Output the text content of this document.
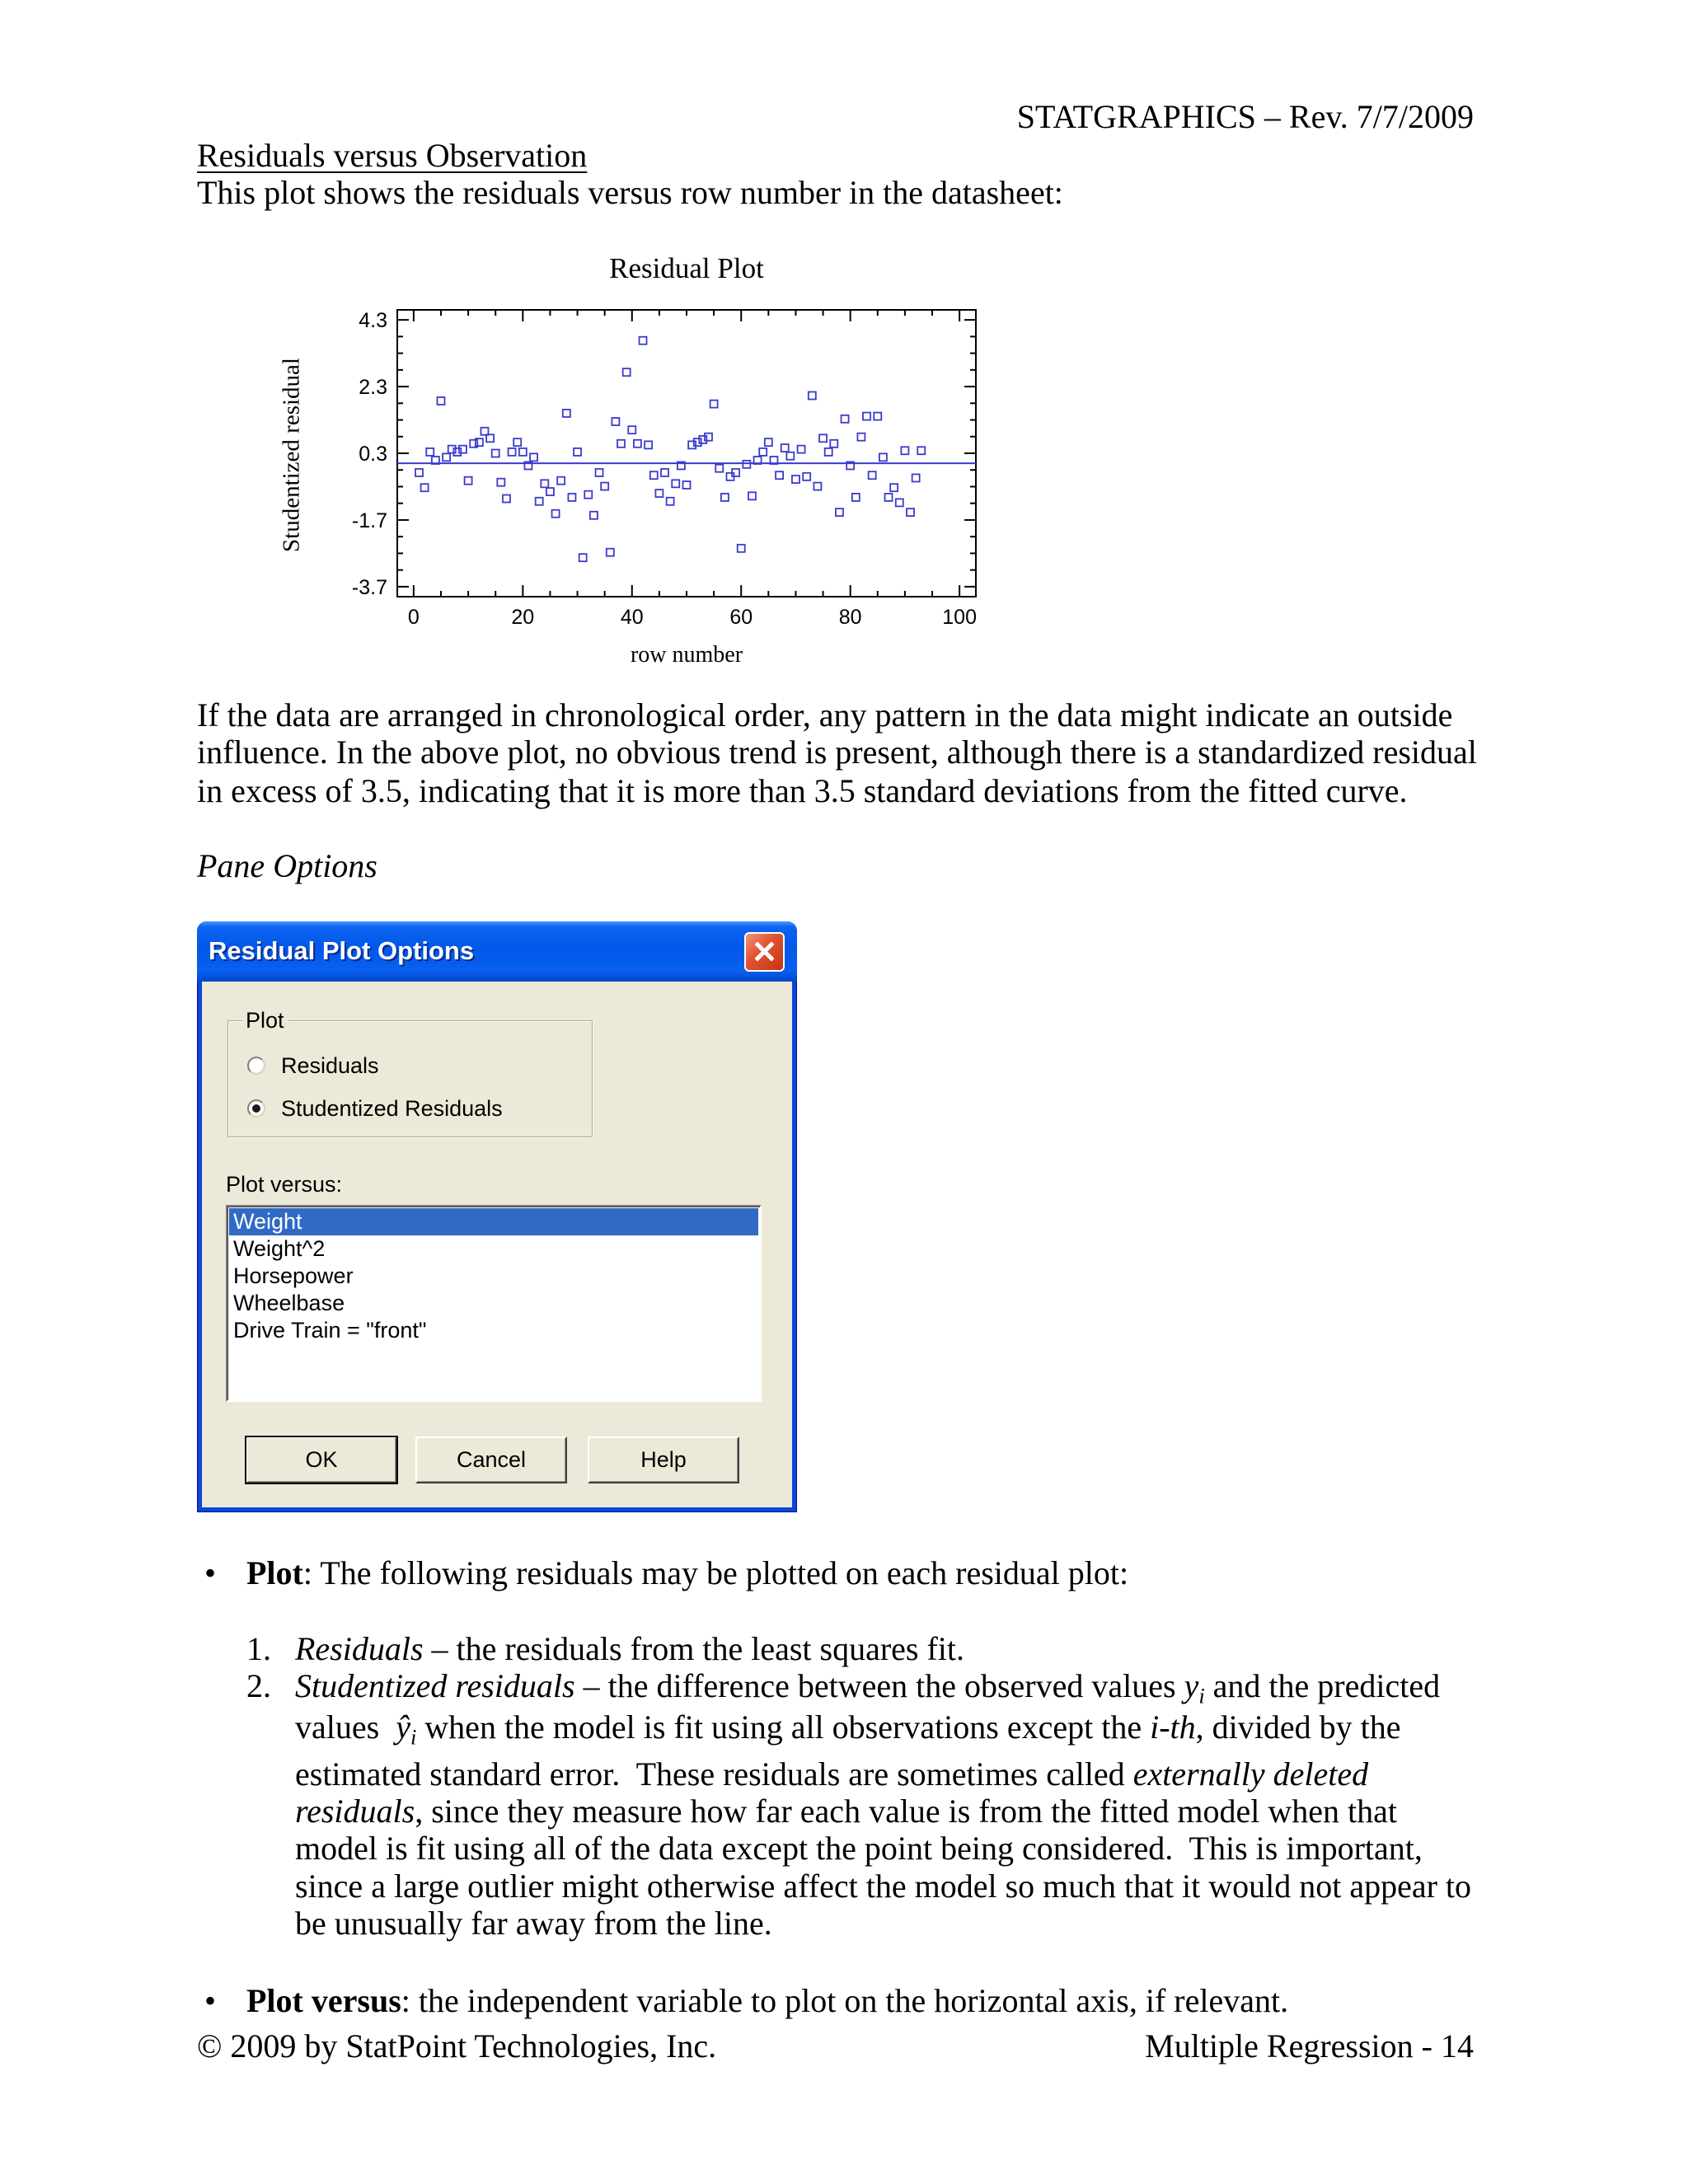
STATGRAPHICS – Rev. 7/7/2009
Residuals versus Observation
This plot shows the residuals versus row number in the datasheet:
Residual Plot
Studentized residual
row number
0	20	40	60	80	100
-3.7
-1.7
0.3
2.3
4.3
If the data are arranged in chronological order, any pattern in the data might indicate an outside
influence. In the above plot, no obvious trend is present, although there is a standardized residual
in excess of 3.5, indicating that it is more than 3.5 standard deviations from the fitted curve.
Pane Options
Residual Plot Options
Plot
Residuals
Studentized Residuals
Plot versus:
Weight
Weight^2
Horsepower
Wheelbase
Drive Train = "front"
OK	Cancel	Help
• Plot: The following residuals may be plotted on each residual plot:
1. Residuals – the residuals from the least squares fit.
2. Studentized residuals – the difference between the observed values $y_i$ and the predicted
values  $ŷ_i$ when the model is fit using all observations except the i-th, divided by the
estimated standard error.  These residuals are sometimes called externally deleted
residuals, since they measure how far each value is from the fitted model when that
model is fit using all of the data except the point being considered.  This is important,
since a large outlier might otherwise affect the model so much that it would not appear to
be unusually far away from the line.
• Plot versus: the independent variable to plot on the horizontal axis, if relevant.
© 2009 by StatPoint Technologies, Inc.	Multiple Regression - 14
